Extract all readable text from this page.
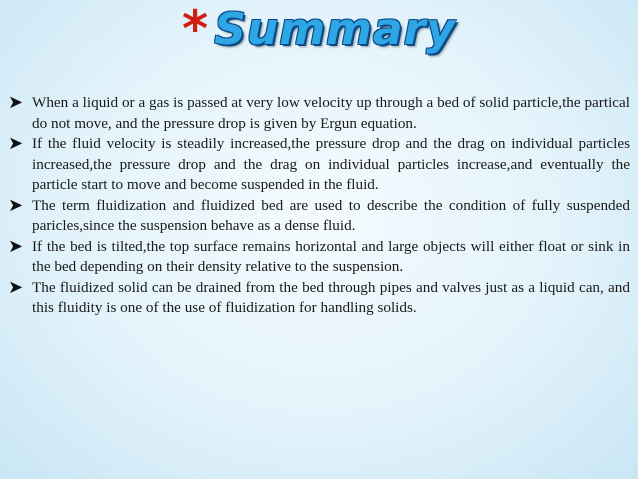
* Summary
➤ When a liquid or a gas is passed at very low velocity up through a bed of solid particle,the partical do not move, and the pressure drop is given by Ergun equation.
➤ If the fluid velocity is steadily increased,the pressure drop and the drag on individual particles increased,the pressure drop and the drag on individual particles increase,and eventually the particle start to move and become suspended in the fluid.
➤ The term fluidization and fluidized bed are used to describe the condition of fully suspended paricles,since the suspension behave as a dense fluid.
➤ If the bed is tilted,the top surface remains horizontal and large objects will either float or sink in the bed depending on their density relative to the suspension.
➤ The fluidized solid can be drained from the bed through pipes and valves just as a liquid can, and this fluidity is one of the use of fluidization for handling solids.
